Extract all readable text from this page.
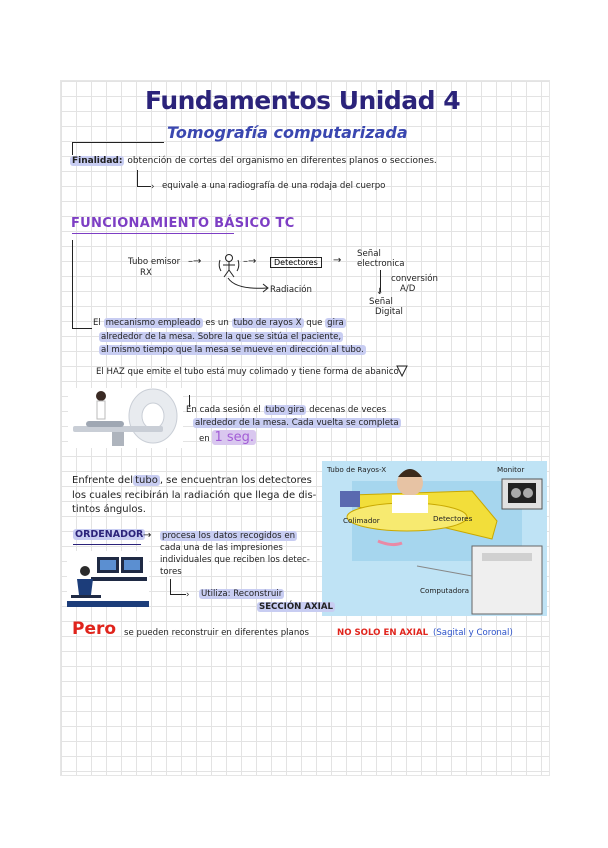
Fundamentos Unidad 4
Tomografía computarizada
Finalidad: obtención de cortes del organismo en diferentes planos o secciones.
› equivale a una radiografía de una rodaja del cuerpo
FUNCIONAMIENTO BÁSICO TC
Tubo emisor
RX
–→	–→	Detectores	→
Señal
electronica
↓
conversión
A/D
Señal
Digital
Radiación
El mecanismo empleado es un tubo de rayos X que gira
alrededor de la mesa. Sobre la que se sitúa el paciente,
al mismo tiempo que la mesa se mueve en dirección al tubo.
El HAZ que emite el tubo está muy colimado y tiene forma de abanico
En cada sesión el tubo gira decenas de veces
alrededor de la mesa. Cada vuelta se completa
en 1 seg.
Enfrente del tubo , se encuentran los detectores
los cuales recibirán la radiación que llega de dis-
tintos ángulos.
Tubo de Rayos-X	Monitor
Colimador	Detectores
Computadora
ORDENADOR → procesa los datos recogidos en
cada una de las impresiones
individuales que reciben los detec-
tores
› Utiliza: Reconstruir
SECCIÓN AXIAL
Pero se pueden reconstruir en diferentes planos	NO SOLO EN AXIAL (Sagital y Coronal)
